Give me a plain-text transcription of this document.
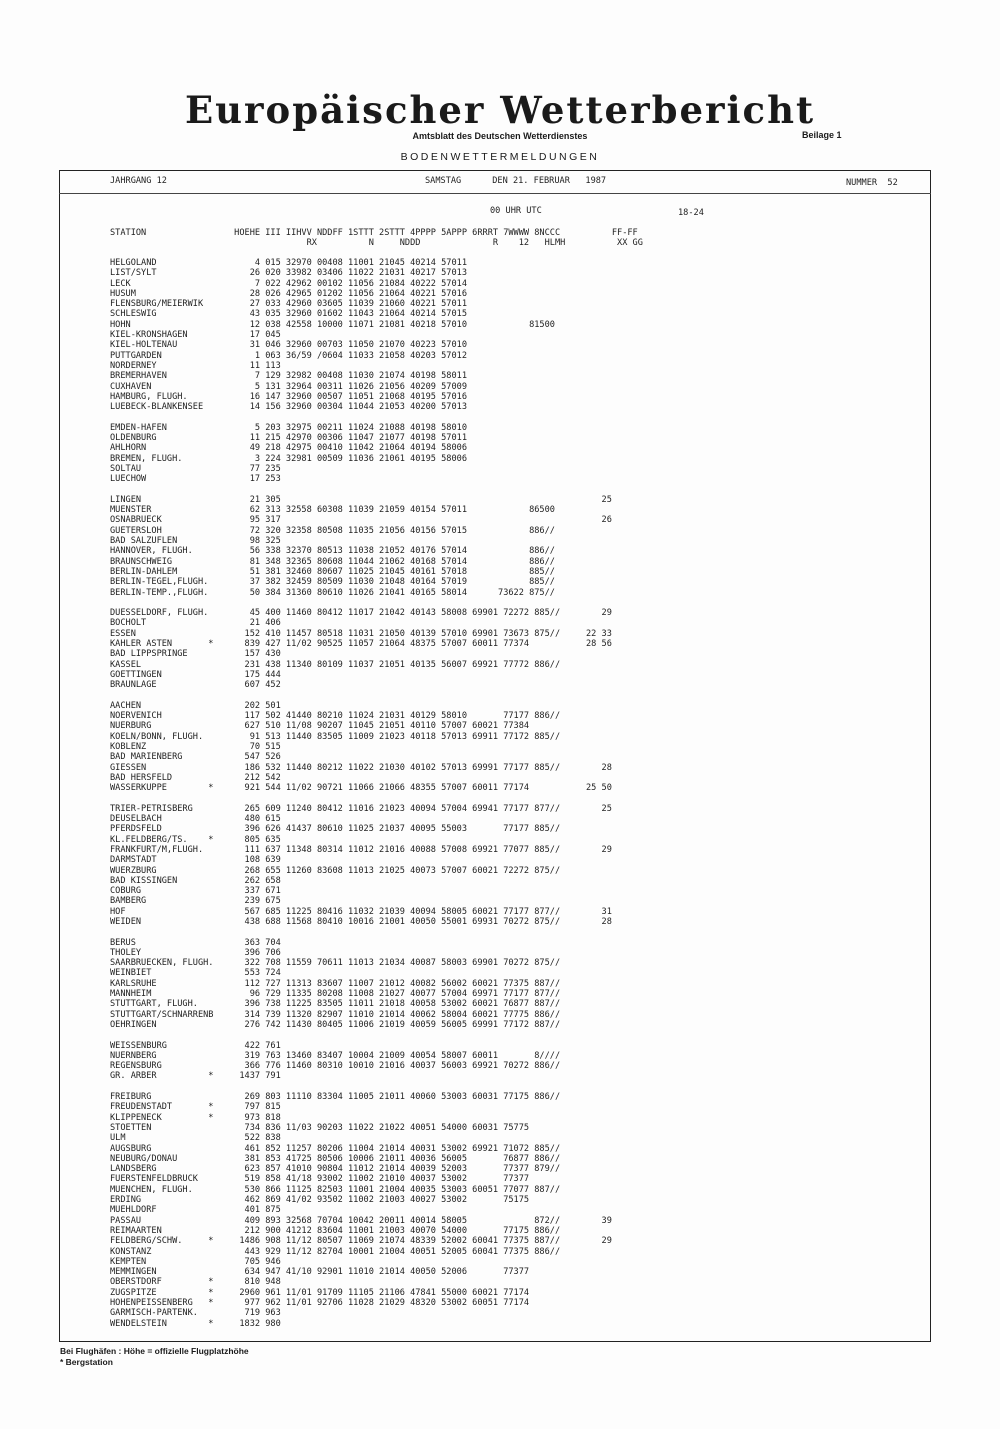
Europäischer Wetterbericht
Amtsblatt des Deutschen Wetterdienstes	Beilage 1
BODENWETTERMELDUNGEN
JAHRGANG 12	SAMSTAG      DEN 21. FEBRUAR   1987	NUMMER  52
00 UHR UTC	18-24
STATION                 HOEHE III IIHVV NDDFF 1STTT 2STTT 4PPPP 5APPP 6RRRT 7WWWW 8NCCC          FF-FF
RX          N     NDDD              R    12   HLMH          XX GG
HELGOLAND                   4 015 32970 00408 11001 21045 40214 57011
LIST/SYLT                  26 020 33982 03406 11022 21031 40217 57013
LECK                        7 022 42962 00102 11056 21084 40222 57014
HUSUM                      28 026 42965 01202 11056 21064 40221 57016
FLENSBURG/MEIERWIK         27 033 42960 03605 11039 21060 40221 57011
SCHLESWIG                  43 035 32960 01602 11043 21064 40214 57015
HOHN                       12 038 42558 10000 11071 21081 40218 57010            81500
KIEL-KRONSHAGEN            17 045
KIEL-HOLTENAU              31 046 32960 00703 11050 21070 40223 57010
PUTTGARDEN                  1 063 36/59 /0604 11033 21058 40203 57012
NORDERNEY                  11 113
BREMERHAVEN                 7 129 32982 00408 11030 21074 40198 58011
CUXHAVEN                    5 131 32964 00311 11026 21056 40209 57009
HAMBURG, FLUGH.            16 147 32960 00507 11051 21068 40195 57016
LUEBECK-BLANKENSEE         14 156 32960 00304 11044 21053 40200 57013
EMDEN-HAFEN                 5 203 32975 00211 11024 21088 40198 58010
OLDENBURG                  11 215 42970 00306 11047 21077 40198 57011
AHLHORN                    49 218 42975 00410 11042 21064 40194 58006
BREMEN, FLUGH.              3 224 32981 00509 11036 21061 40195 58006
SOLTAU                     77 235
LUECHOW                    17 253
LINGEN                     21 305                                                              25
MUENSTER                   62 313 32558 60308 11039 21059 40154 57011            86500
OSNABRUECK                 95 317                                                              26
GUETERSLOH                 72 320 32358 80508 11035 21056 40156 57015            886//
BAD SALZUFLEN              98 325
HANNOVER, FLUGH.           56 338 32370 80513 11038 21052 40176 57014            886//
BRAUNSCHWEIG               81 348 32365 80608 11044 21062 40168 57014            886//
BERLIN-DAHLEM              51 381 32460 80607 11025 21045 40161 57018            885//
BERLIN-TEGEL,FLUGH.        37 382 32459 80509 11030 21048 40164 57019            885//
BERLIN-TEMP.,FLUGH.        50 384 31360 80610 11026 21041 40165 58014      73622 875//
DUESSELDORF, FLUGH.        45 400 11460 80412 11017 21042 40143 58008 69901 72272 885//        29
BOCHOLT                    21 406
ESSEN                     152 410 11457 80518 11031 21050 40139 57010 69901 73673 875//     22 33
KAHLER ASTEN       *      839 427 11/02 90525 11057 21064 48375 57007 60011 77374           28 56
BAD LIPPSPRINGE           157 430
KASSEL                    231 438 11340 80109 11037 21051 40135 56007 69921 77772 886//
GOETTINGEN                175 444
BRAUNLAGE                 607 452
AACHEN                    202 501
NOERVENICH                117 502 41440 80210 11024 21031 40129 58010       77177 886//
NUERBURG                  627 510 11/08 90207 11045 21051 40110 57007 60021 77384
KOELN/BONN, FLUGH.         91 513 11440 83505 11009 21023 40118 57013 69911 77172 885//
KOBLENZ                    70 515
BAD MARIENBERG            547 526
GIESSEN                   186 532 11440 80212 11022 21030 40102 57013 69991 77177 885//        28
BAD HERSFELD              212 542
WASSERKUPPE        *      921 544 11/02 90721 11066 21066 48355 57007 60011 77174           25 50
TRIER-PETRISBERG          265 609 11240 80412 11016 21023 40094 57004 69941 77177 877//        25
DEUSELBACH                480 615
PFERDSFELD                396 626 41437 80610 11025 21037 40095 55003       77177 885//
KL.FELDBERG/TS.    *      805 635
FRANKFURT/M,FLUGH.        111 637 11348 80314 11012 21016 40088 57008 69921 77077 885//        29
DARMSTADT                 108 639
WUERZBURG                 268 655 11260 83608 11013 21025 40073 57007 60021 72272 875//
BAD KISSINGEN             262 658
COBURG                    337 671
BAMBERG                   239 675
HOF                       567 685 11225 80416 11032 21039 40094 58005 60021 77177 877//        31
WEIDEN                    438 688 11568 80410 10016 21001 40050 55001 69931 70272 875//        28
BERUS                     363 704
THOLEY                    396 706
SAARBRUECKEN, FLUGH.      322 708 11559 70611 11013 21034 40087 58003 69901 70272 875//
WEINBIET                  553 724
KARLSRUHE                 112 727 11313 83607 11007 21012 40082 56002 60021 77375 887//
MANNHEIM                   96 729 11335 80208 11008 21027 40077 57004 69971 77177 877//
STUTTGART, FLUGH.         396 738 11225 83505 11011 21018 40058 53002 60021 76877 887//
STUTTGART/SCHNARRENB      314 739 11320 82907 11010 21014 40062 58004 60021 77775 886//
OEHRINGEN                 276 742 11430 80405 11006 21019 40059 56005 69991 77172 887//
WEISSENBURG               422 761
NUERNBERG                 319 763 13460 83407 10004 21009 40054 58007 60011       8////
REGENSBURG                366 776 11460 80310 10010 21016 40037 56003 69921 70272 886//
GR. ARBER          *     1437 791
FREIBURG                  269 803 11110 83304 11005 21011 40060 53003 60031 77175 886//
FREUDENSTADT       *      797 815
KLIPPENECK         *      973 818
STOETTEN                  734 836 11/03 90203 11022 21022 40051 54000 60031 75775
ULM                       522 838
AUGSBURG                  461 852 11257 80206 11004 21014 40031 53002 69921 71072 885//
NEUBURG/DONAU             381 853 41725 80506 10006 21011 40036 56005       76877 886//
LANDSBERG                 623 857 41010 90804 11012 21014 40039 52003       77377 879//
FUERSTENFELDBRUCK         519 858 41/18 93002 11002 21010 40037 53002       77377
MUENCHEN, FLUGH.          530 866 11125 82503 11001 21004 40035 53003 60051 77077 887//
ERDING                    462 869 41/02 93502 11002 21003 40027 53002       75175
MUEHLDORF                 401 875
PASSAU                    409 893 32568 70704 10042 20011 40014 58005             872//        39
REIMAARTEN                212 900 41212 83604 11001 21003 40070 54000       77175 886//
FELDBERG/SCHW.     *     1486 908 11/12 80507 11069 21074 48339 52002 60041 77375 887//        29
KONSTANZ                  443 929 11/12 82704 10001 21004 40051 52005 60041 77375 886//
KEMPTEN                   705 946
MEMMINGEN                 634 947 41/10 92901 11010 21014 40050 52006       77377
OBERSTDORF         *      810 948
ZUGSPITZE          *     2960 961 11/01 91709 11105 21106 47841 55000 60021 77174
HOHENPEISSENBERG   *      977 962 11/01 92706 11028 21029 48320 53002 60051 77174
GARMISCH-PARTENK.         719 963
WENDELSTEIN        *     1832 980
Bei Flughäfen : Höhe = offizielle Flugplatzhöhe
* Bergstation
